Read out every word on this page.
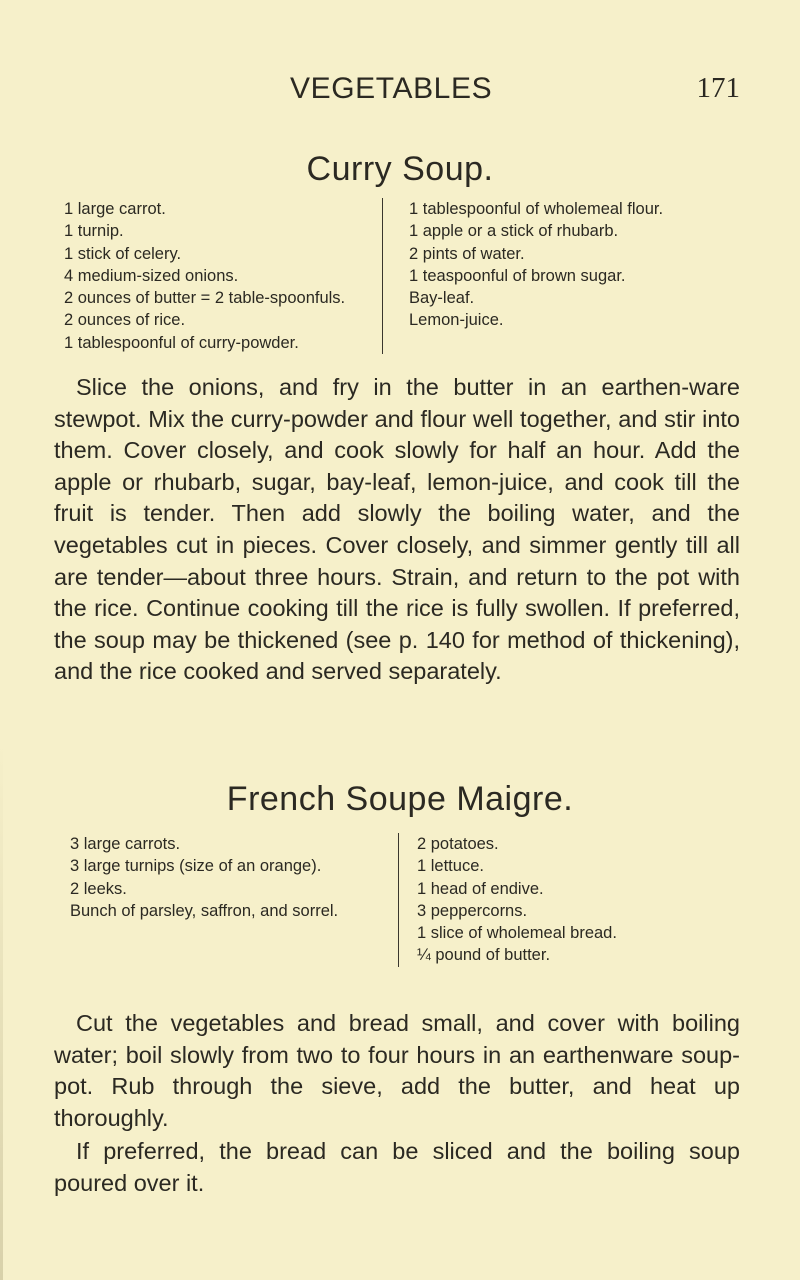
VEGETABLES	171
Curry Soup.
1 large carrot.
1 turnip.
1 stick of celery.
4 medium-sized onions.
2 ounces of butter = 2 table-spoonfuls.
2 ounces of rice.
1 tablespoonful of curry-powder.
1 tablespoonful of wholemeal flour.
1 apple or a stick of rhubarb.
2 pints of water.
1 teaspoonful of brown sugar.
Bay-leaf.
Lemon-juice.

Slice the onions, and fry in the butter in an earthen-ware stewpot. Mix the curry-powder and flour well together, and stir into them. Cover closely, and cook slowly for half an hour. Add the apple or rhubarb, sugar, bay-leaf, lemon-juice, and cook till the fruit is tender. Then add slowly the boiling water, and the vegetables cut in pieces. Cover closely, and simmer gently till all are tender—about three hours. Strain, and return to the pot with the rice. Continue cooking till the rice is fully swollen. If preferred, the soup may be thickened (see p. 140 for method of thickening), and the rice cooked and served separately.

French Soupe Maigre.
3 large carrots.
3 large turnips (size of an orange).
2 leeks.
Bunch of parsley, saffron, and sorrel.
2 potatoes.
1 lettuce.
1 head of endive.
3 peppercorns.
1 slice of wholemeal bread.
¼ pound of butter.

Cut the vegetables and bread small, and cover with boiling water; boil slowly from two to four hours in an earthenware soup-pot. Rub through the sieve, add the butter, and heat up thoroughly.

If preferred, the bread can be sliced and the boiling soup poured over it.
